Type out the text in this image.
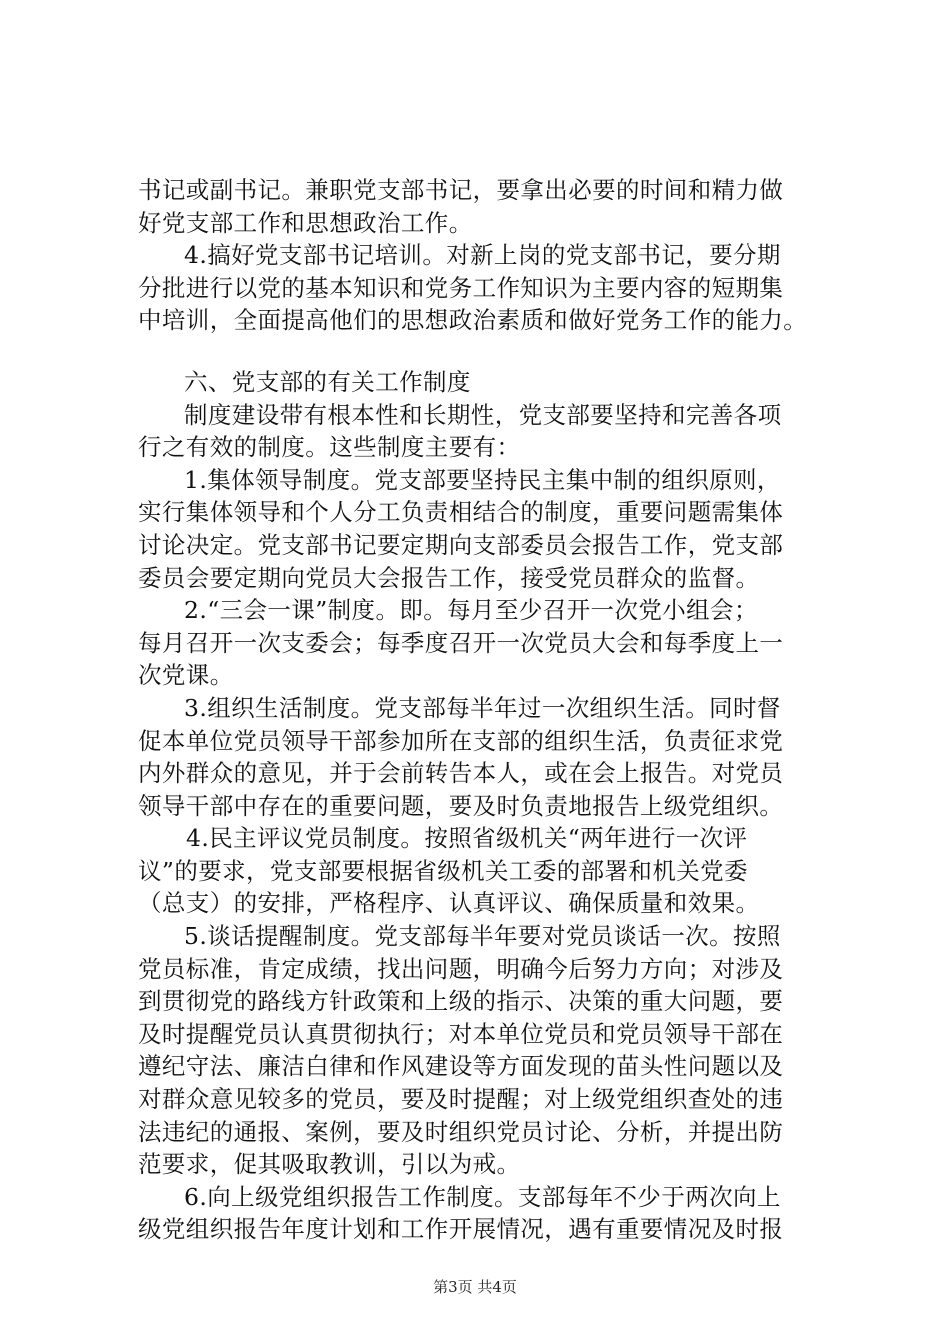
书记或副书记。兼职党支部书记，要拿出必要的时间和精力做
好党支部工作和思想政治工作。
4.搞好党支部书记培训。对新上岗的党支部书记，要分期
分批进行以党的基本知识和党务工作知识为主要内容的短期集
中培训，全面提高他们的思想政治素质和做好党务工作的能力。
六、党支部的有关工作制度
制度建设带有根本性和长期性，党支部要坚持和完善各项
行之有效的制度。这些制度主要有：
1.集体领导制度。党支部要坚持民主集中制的组织原则，
实行集体领导和个人分工负责相结合的制度，重要问题需集体
讨论决定。党支部书记要定期向支部委员会报告工作，党支部
委员会要定期向党员大会报告工作，接受党员群众的监督。
2.“三会一课”制度。即。每月至少召开一次党小组会；
每月召开一次支委会；每季度召开一次党员大会和每季度上一
次党课。
3.组织生活制度。党支部每半年过一次组织生活。同时督
促本单位党员领导干部参加所在支部的组织生活，负责征求党
内外群众的意见，并于会前转告本人，或在会上报告。对党员
领导干部中存在的重要问题，要及时负责地报告上级党组织。
4.民主评议党员制度。按照省级机关“两年进行一次评
议”的要求，党支部要根据省级机关工委的部署和机关党委
（总支）的安排，严格程序、认真评议、确保质量和效果。
5.谈话提醒制度。党支部每半年要对党员谈话一次。按照
党员标准，肯定成绩，找出问题，明确今后努力方向；对涉及
到贯彻党的路线方针政策和上级的指示、决策的重大问题，要
及时提醒党员认真贯彻执行；对本单位党员和党员领导干部在
遵纪守法、廉洁白律和作风建设等方面发现的苗头性问题以及
对群众意见较多的党员，要及时提醒；对上级党组织查处的违
法违纪的通报、案例，要及时组织党员讨论、分析，并提出防
范要求，促其吸取教训，引以为戒。
6.向上级党组织报告工作制度。支部每年不少于两次向上
级党组织报告年度计划和工作开展情况，遇有重要情况及时报
第3页 共4页
